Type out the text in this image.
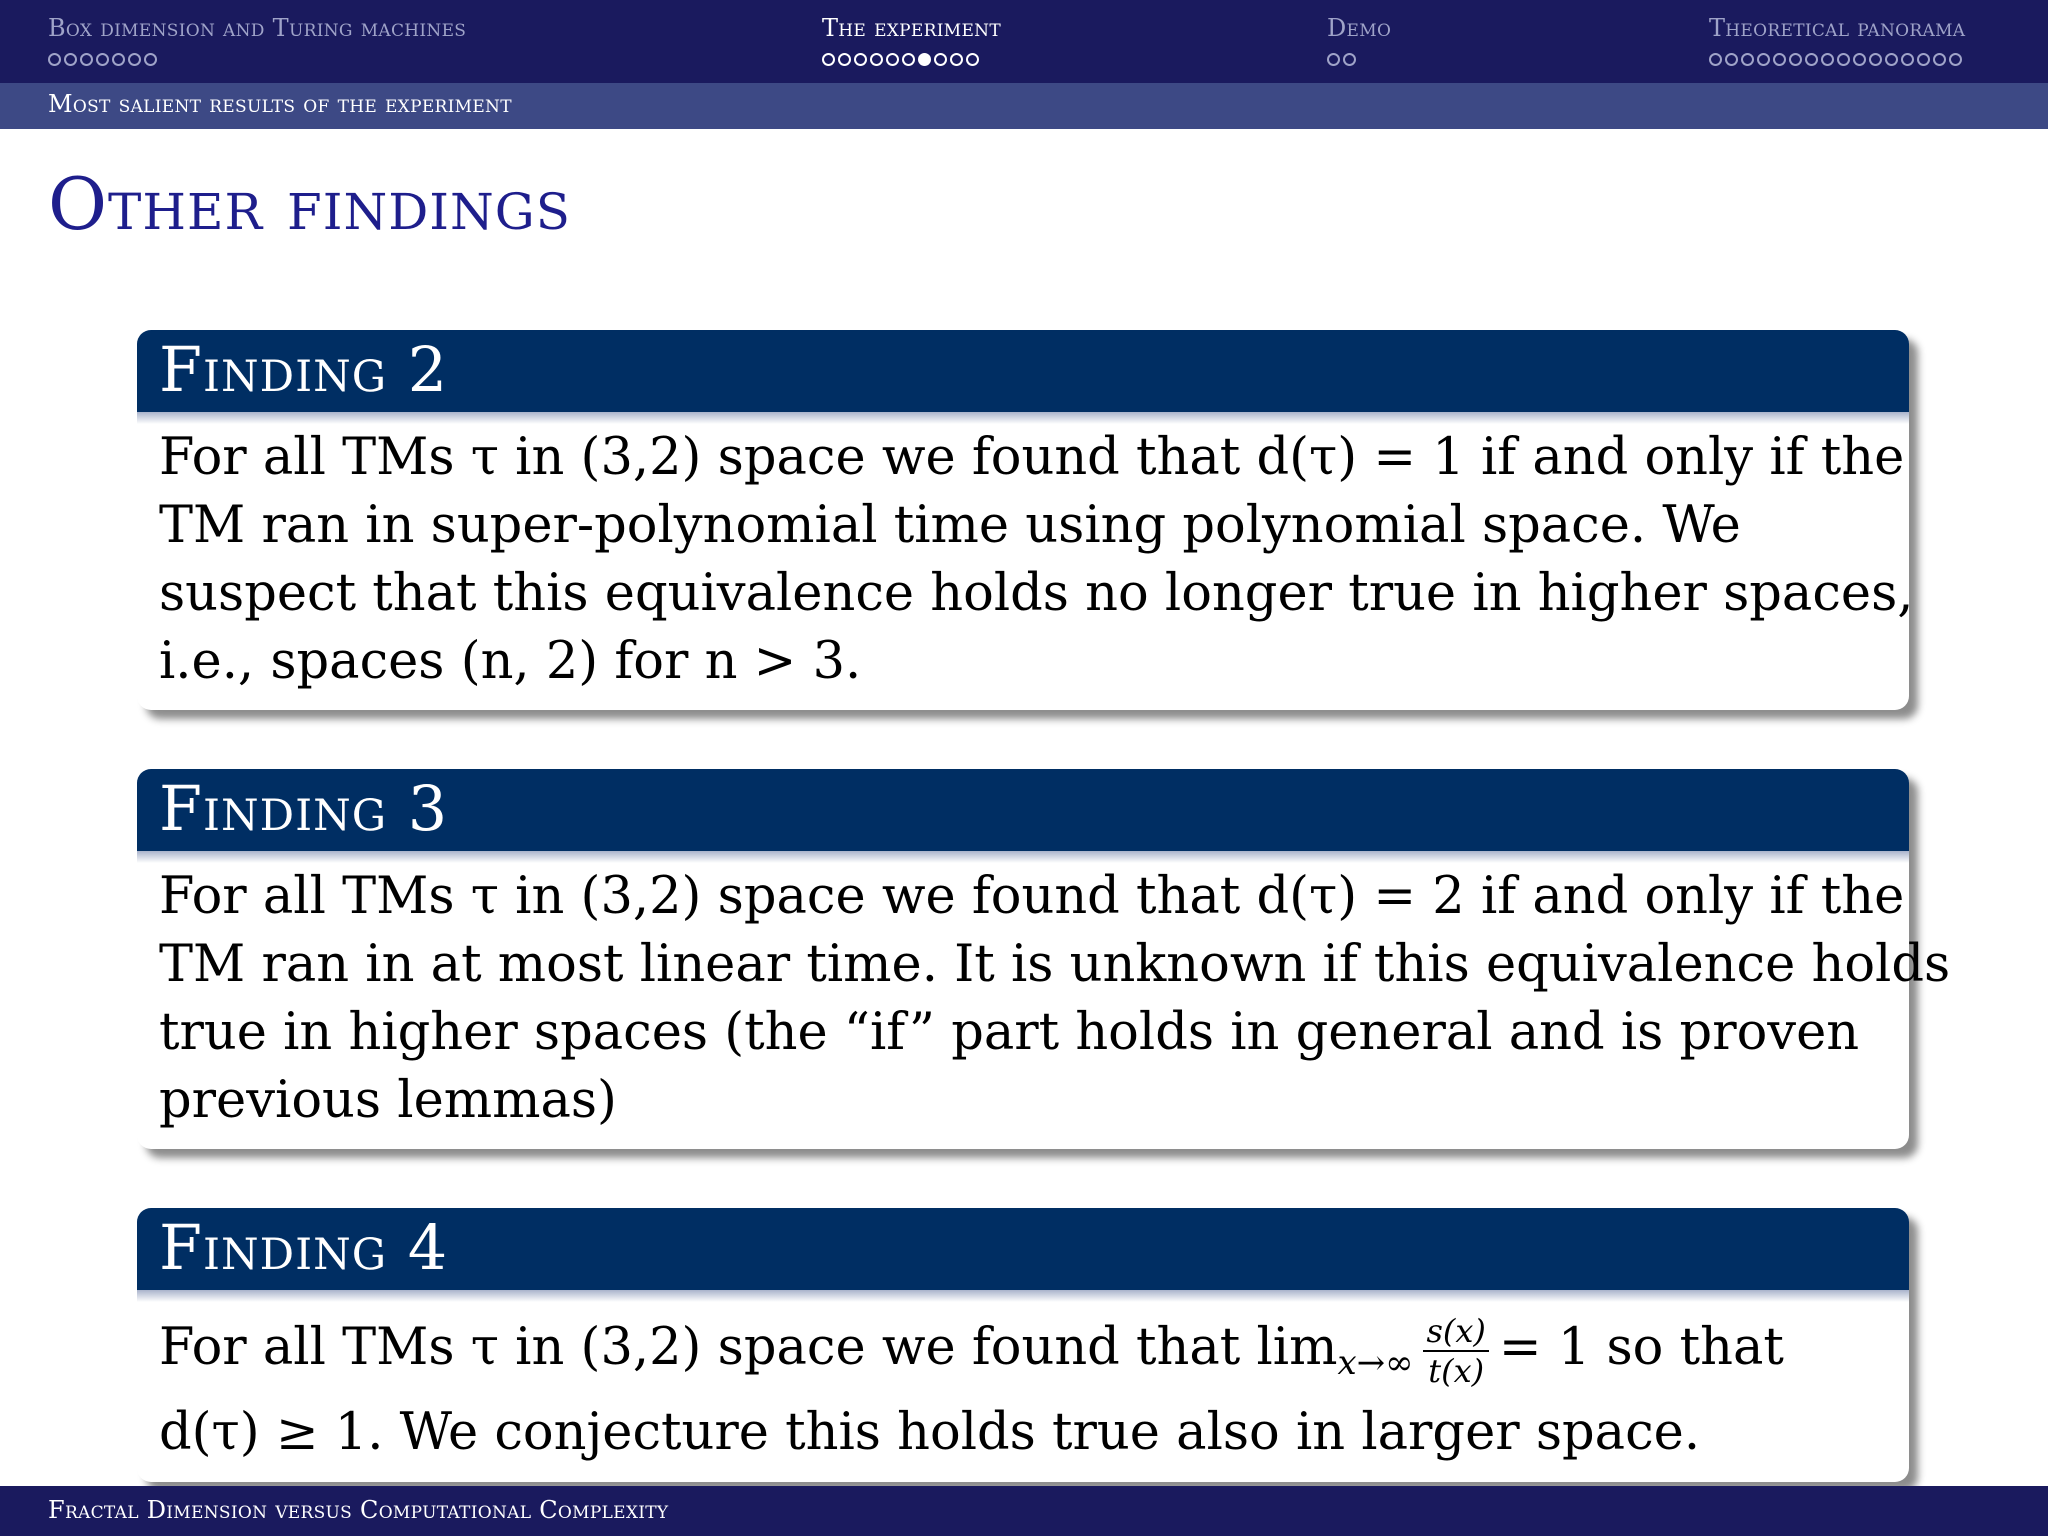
Box dimension and Turing machines	The experiment	Demo	Theoretical panorama
Most salient results of the experiment
Other findings
Finding 2
For all TMs τ in (3,2) space we found that d(τ) = 1 if and only if the
TM ran in super-polynomial time using polynomial space. We
suspect that this equivalence holds no longer true in higher spaces,
i.e., spaces (n, 2) for n > 3.
Finding 3
For all TMs τ in (3,2) space we found that d(τ) = 2 if and only if the
TM ran in at most linear time. It is unknown if this equivalence holds
true in higher spaces (the “if” part holds in general and is proven
previous lemmas)
Finding 4
For all TMs τ in (3,2) space we found that $\lim_{x\to\infty} \frac{s(x)}{t(x)} = 1$ so that
d(τ) ≥ 1. We conjecture this holds true also in larger space.
Fractal Dimension versus Computational Complexity
